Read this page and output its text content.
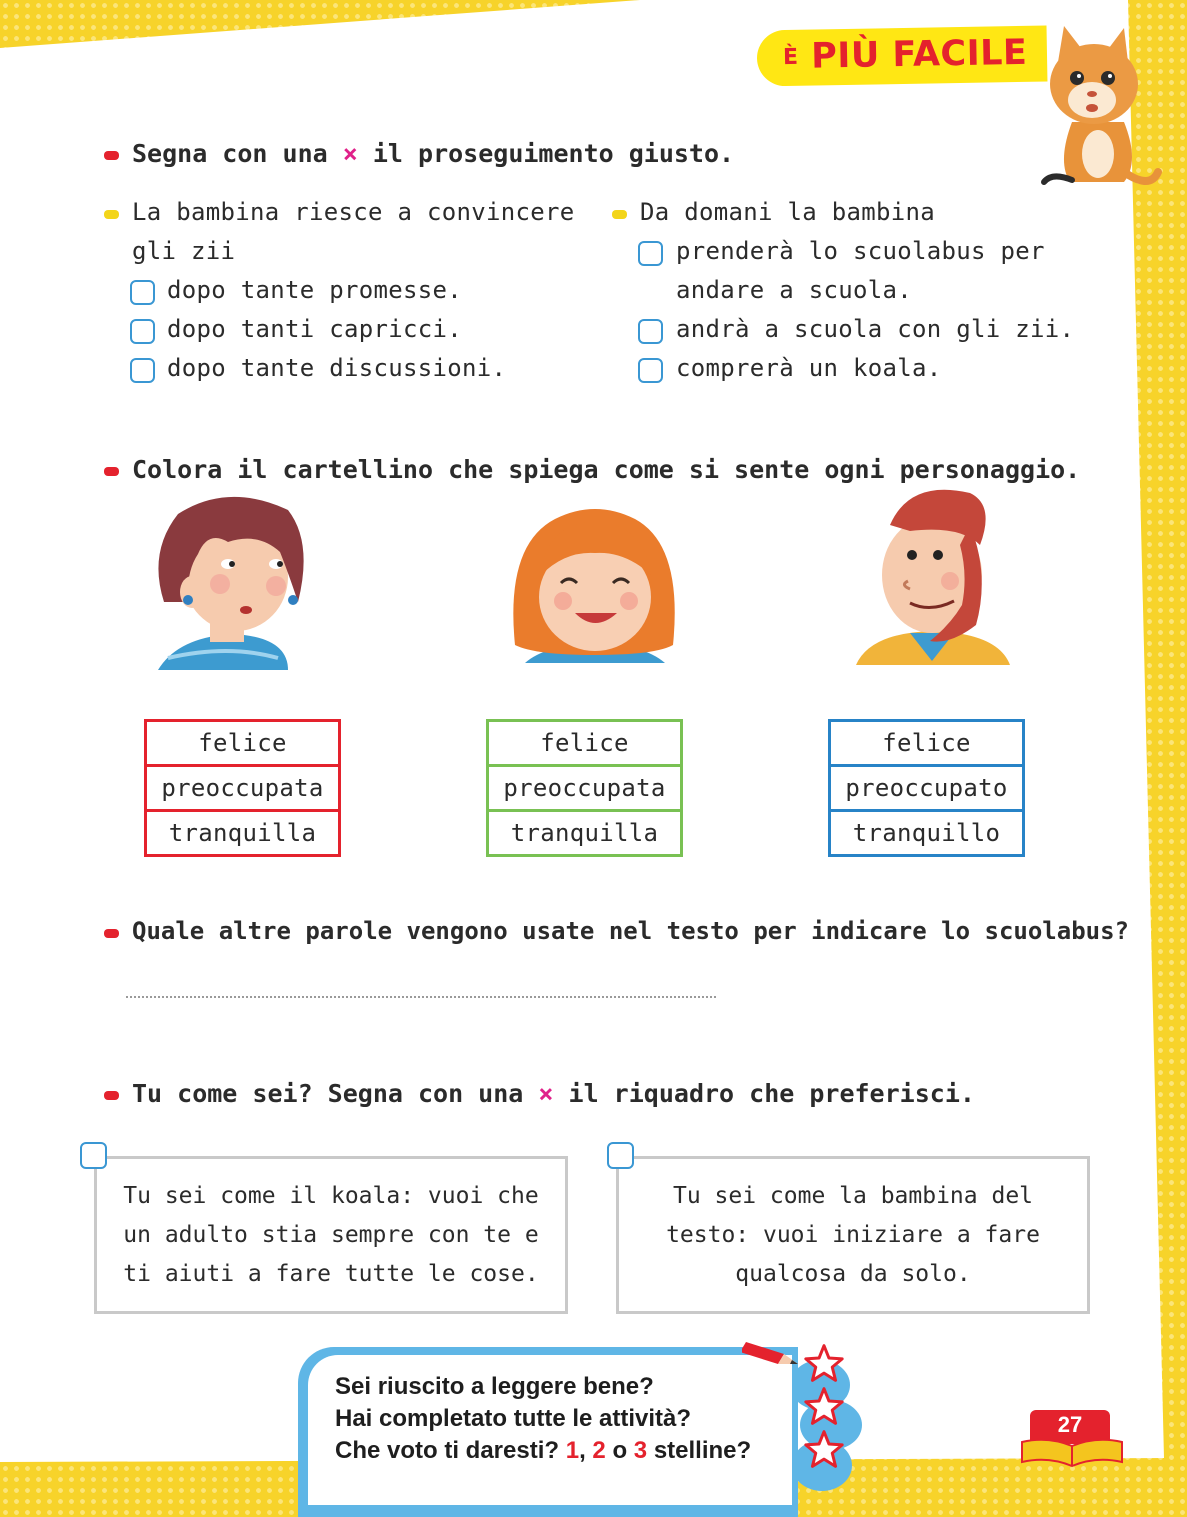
È PIÙ FACILE
Segna con una × il proseguimento giusto.
La bambina riesce a convincere
gli zii
dopo tante promesse.
dopo tanti capricci.
dopo tante discussioni.
Da domani la bambina
prenderà lo scuolabus per
andare a scuola.
andrà a scuola con gli zii.
comprerà un koala.
Colora il cartellino che spiega come si sente ogni personaggio.
felice
preoccupata
tranquilla
felice
preoccupata
tranquilla
felice
preoccupato
tranquillo
Quale altre parole vengono usate nel testo per indicare lo scuolabus?
Tu come sei? Segna con una × il riquadro che preferisci.
Tu sei come il koala: vuoi che
un adulto stia sempre con te e
ti aiuti a fare tutte le cose.
Tu sei come la bambina del
testo: vuoi iniziare a fare
qualcosa da solo.
Sei riuscito a leggere bene?
Hai completato tutte le attività?
Che voto ti daresti? 1, 2 o 3 stelline?
27
